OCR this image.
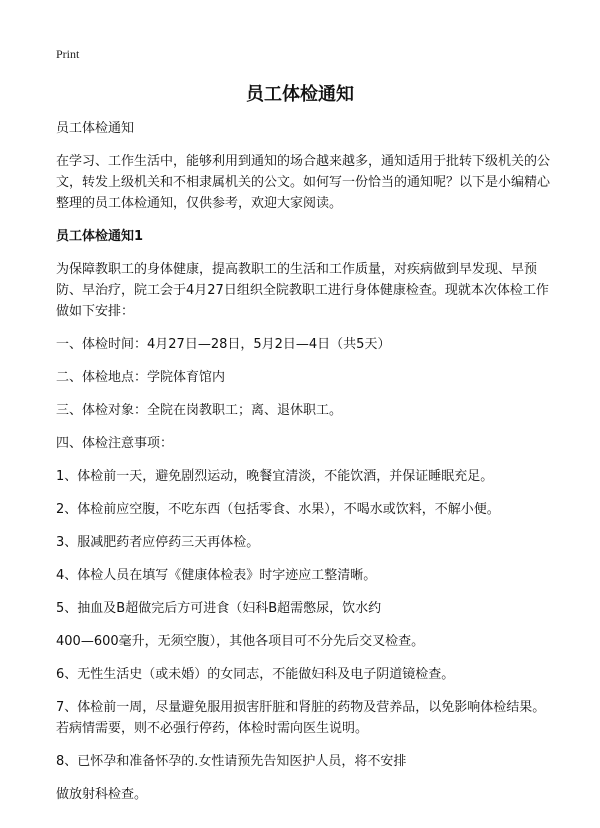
Print
员工体检通知

员工体检通知

在学习、工作生活中，能够利用到通知的场合越来越多，通知适用于批转下级机关的公文，转发上级机关和不相隶属机关的公文。如何写一份恰当的通知呢？以下是小编精心整理的员工体检通知，仅供参考，欢迎大家阅读。

员工体检通知1

为保障教职工的身体健康，提高教职工的生活和工作质量，对疾病做到早发现、早预防、早治疗，院工会于4月27日组织全院教职工进行身体健康检查。现就本次体检工作做如下安排：

一、体检时间：4月27日—28日，5月2日—4日（共5天）

二、体检地点：学院体育馆内

三、体检对象：全院在岗教职工；离、退休职工。

四、体检注意事项：

1、体检前一天，避免剧烈运动，晚餐宜清淡，不能饮酒，并保证睡眠充足。

2、体检前应空腹，不吃东西（包括零食、水果），不喝水或饮料，不解小便。

3、服减肥药者应停药三天再体检。

4、体检人员在填写《健康体检表》时字迹应工整清晰。

5、抽血及B超做完后方可进食（妇科B超需憋尿，饮水约

400—600毫升，无须空腹），其他各项目可不分先后交叉检查。

6、无性生活史（或未婚）的女同志，不能做妇科及电子阴道镜检查。

7、体检前一周，尽量避免服用损害肝脏和肾脏的药物及营养品，以免影响体检结果。若病情需要，则不必强行停药，体检时需向医生说明。

8、已怀孕和准备怀孕的.女性请预先告知医护人员，将不安排

做放射科检查。
